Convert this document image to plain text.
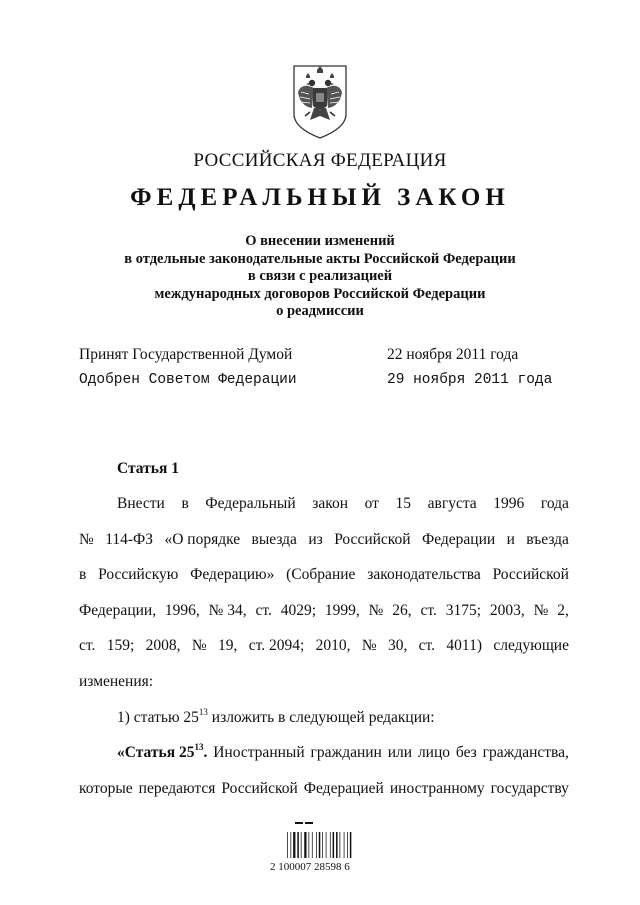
РОССИЙСКАЯ ФЕДЕРАЦИЯ
ФЕДЕРАЛЬНЫЙ ЗАКОН
О внесении изменений
в отдельные законодательные акты Российской Федерации
в связи с реализацией
международных договоров Российской Федерации
о реадмиссии
Принят Государственной Думой	22 ноября 2011 года
Одобрен Советом Федерации	29 ноября 2011 года
Статья 1
Внести в Федеральный закон от 15 августа 1996 года
№ 114-ФЗ «О порядке выезда из Российской Федерации и въезда
в Российскую Федерацию» (Собрание законодательства Российской
Федерации, 1996, № 34, ст. 4029; 1999, № 26, ст. 3175; 2003, № 2,
ст. 159; 2008, № 19, ст. 2094; 2010, № 30, ст. 4011) следующие
изменения:
1) статью $25^{13}$ изложить в следующей редакции:
«Статья $25^{13}$. Иностранный гражданин или лицо без гражданства,
которые передаются Российской Федерацией иностранному государству
2 100007 28598 6
